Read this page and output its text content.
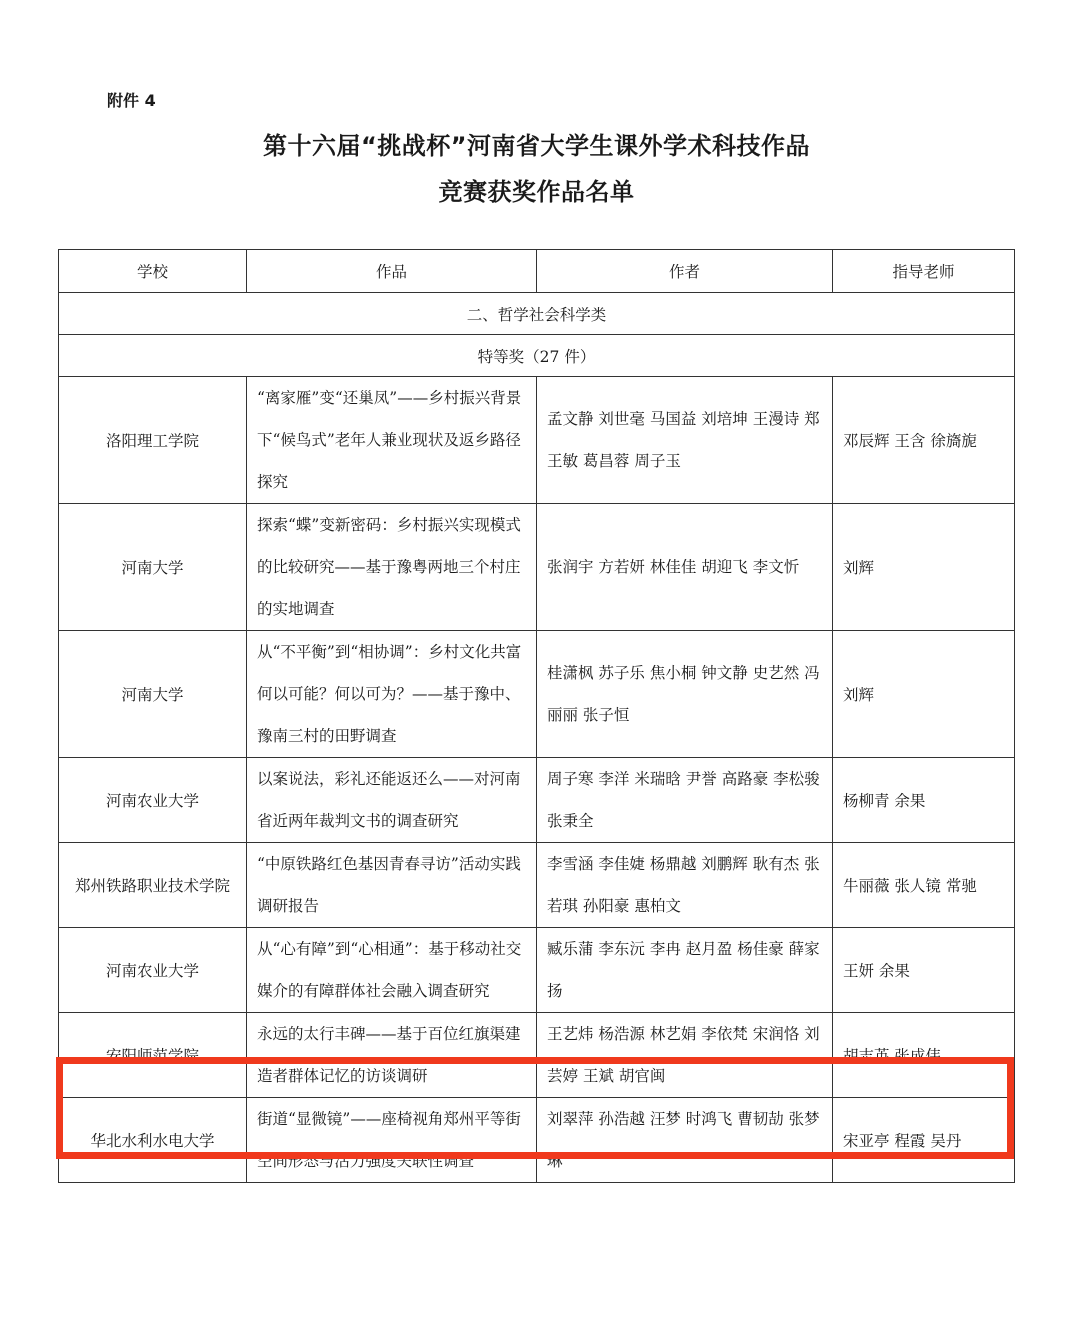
附件 4
第十六届“挑战杯”河南省大学生课外学术科技作品
竞赛获奖作品名单
学校	作品	作者	指导老师
二、哲学社会科学类			
特等奖（27 件）			
洛阳理工学院	“离家雁”变“还巢凤”——乡村振兴背景下“候鸟式”老年人兼业现状及返乡路径探究	孟文静 刘世毫 马国益 刘培坤 王漫诗 郑王敏 葛昌蓉 周子玉	邓辰辉 王含 徐旖旎
河南大学	探索“蝶”变新密码：乡村振兴实现模式的比较研究——基于豫粤两地三个村庄的实地调查	张润宇 方若妍 林佳佳 胡迎飞 李文忻	刘辉
河南大学	从“不平衡”到“相协调”：乡村文化共富何以可能？何以可为？——基于豫中、豫南三村的田野调查	桂潇枫 苏子乐 焦小桐 钟文静 史艺然 冯丽丽 张子恒	刘辉
河南农业大学	以案说法，彩礼还能返还么——对河南省近两年裁判文书的调查研究	周子寒 李洋 米瑞晗 尹誉 高路豪 李松骏 张秉全	杨柳青 余果
郑州铁路职业技术学院	“中原铁路红色基因青春寻访”活动实践调研报告	李雪涵 李佳婕 杨鼎越 刘鹏辉 耿有杰 张若琪 孙阳豪 惠柏文	牛丽薇 张人镜 常驰
河南农业大学	从“心有障”到“心相通”：基于移动社交媒介的有障群体社会融入调查研究	臧乐蒲 李东沅 李冉 赵月盈 杨佳豪 薛家扬	王妍 余果
安阳师范学院	永远的太行丰碑——基于百位红旗渠建造者群体记忆的访谈调研	王艺炜 杨浩源 林艺娟 李依梵 宋润恪 刘芸婷 王斌 胡官闽	胡志英 张成伟
华北水利水电大学	街道“显微镜”——座椅视角郑州平等街空间形态与活力强度关联性调查	刘翠萍 孙浩越 汪梦 时鸿飞 曹韧劼 张梦琳	宋亚亭 程霞 吴丹
